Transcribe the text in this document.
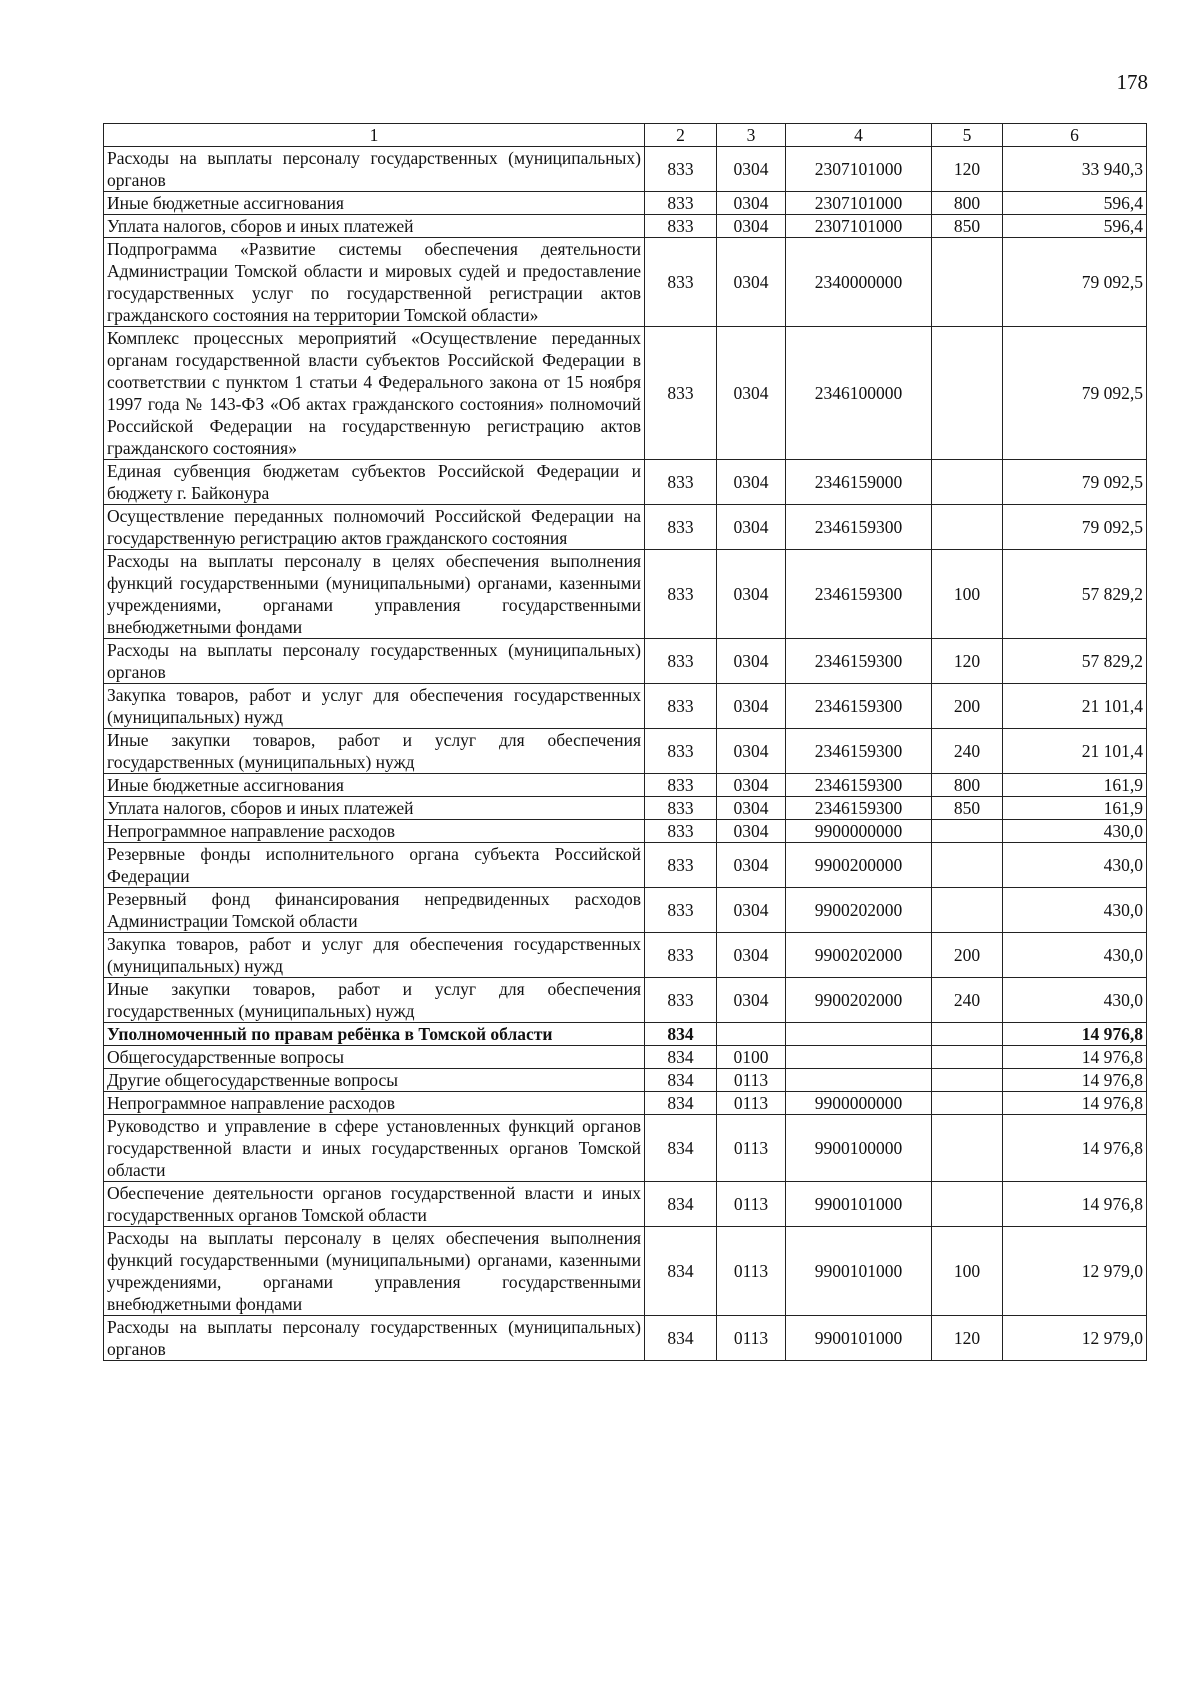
178
1	2	3	4	5	6
Расходы на выплаты персоналу государственных (муниципальных) органов	833	0304	2307101000	120	33 940,3
Иные бюджетные ассигнования	833	0304	2307101000	800	596,4
Уплата налогов, сборов и иных платежей	833	0304	2307101000	850	596,4
Подпрограмма «Развитие системы обеспечения деятельности Администрации Томской области и мировых судей и предоставление государственных услуг по государственной регистрации актов гражданского состояния на территории Томской области»	833	0304	2340000000		79 092,5
Комплекс процессных мероприятий «Осуществление переданных органам государственной власти субъектов Российской Федерации в соответствии с пунктом 1 статьи 4 Федерального закона от 15 ноября 1997 года № 143-ФЗ «Об актах гражданского состояния» полномочий Российской Федерации на государственную регистрацию актов гражданского состояния»	833	0304	2346100000		79 092,5
Единая субвенция бюджетам субъектов Российской Федерации и бюджету г. Байконура	833	0304	2346159000		79 092,5
Осуществление переданных полномочий Российской Федерации на государственную регистрацию актов гражданского состояния	833	0304	2346159300		79 092,5
Расходы на выплаты персоналу в целях обеспечения выполнения функций государственными (муниципальными) органами, казенными учреждениями, органами управления государственными внебюджетными фондами	833	0304	2346159300	100	57 829,2
Расходы на выплаты персоналу государственных (муниципальных) органов	833	0304	2346159300	120	57 829,2
Закупка товаров, работ и услуг для обеспечения государственных (муниципальных) нужд	833	0304	2346159300	200	21 101,4
Иные закупки товаров, работ и услуг для обеспечения государственных (муниципальных) нужд	833	0304	2346159300	240	21 101,4
Иные бюджетные ассигнования	833	0304	2346159300	800	161,9
Уплата налогов, сборов и иных платежей	833	0304	2346159300	850	161,9
Непрограммное направление расходов	833	0304	9900000000		430,0
Резервные фонды исполнительного органа субъекта Российской Федерации	833	0304	9900200000		430,0
Резервный фонд финансирования непредвиденных расходов Администрации Томской области	833	0304	9900202000		430,0
Закупка товаров, работ и услуг для обеспечения государственных (муниципальных) нужд	833	0304	9900202000	200	430,0
Иные закупки товаров, работ и услуг для обеспечения государственных (муниципальных) нужд	833	0304	9900202000	240	430,0
Уполномоченный по правам ребёнка в Томской области	834				14 976,8
Общегосударственные вопросы	834	0100			14 976,8
Другие общегосударственные вопросы	834	0113			14 976,8
Непрограммное направление расходов	834	0113	9900000000		14 976,8
Руководство и управление в сфере установленных функций органов государственной власти и иных государственных органов Томской области	834	0113	9900100000		14 976,8
Обеспечение деятельности органов государственной власти и иных государственных органов Томской области	834	0113	9900101000		14 976,8
Расходы на выплаты персоналу в целях обеспечения выполнения функций государственными (муниципальными) органами, казенными учреждениями, органами управления государственными внебюджетными фондами	834	0113	9900101000	100	12 979,0
Расходы на выплаты персоналу государственных (муниципальных) органов	834	0113	9900101000	120	12 979,0
